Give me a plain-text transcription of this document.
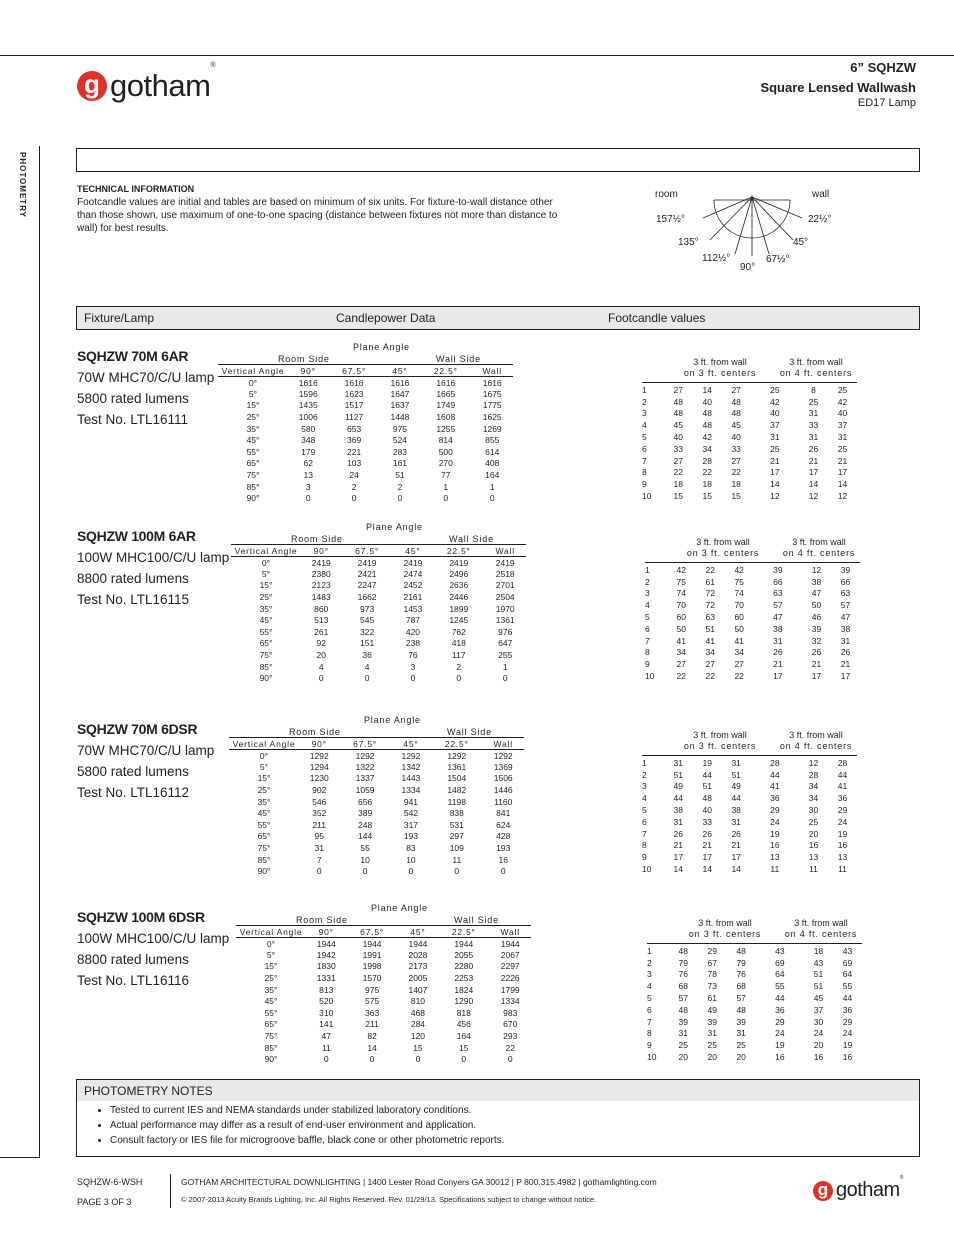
g gotham®	6” SQHZW
Square Lensed Wallwash
ED17 Lamp
PHOTOMETRY	TECHNICAL INFORMATION
Footcandle values are initial and tables are based on minimum of six units. For fixture-to-wall distance other than those shown, use maximum of one-to-one spacing (distance between fixtures not more than distance to wall) for best results.
room	wall
157½°
135°
112½°
90°
67½°
45°
22½°
Fixture/Lamp	Candlepower Data	Footcandle values
SQHZW 70M 6AR
70W MHC70/C/U lamp
5800 rated lumens
Test No. LTL16111
Plane Angle
Room Side	Wall Side
Vertical Angle	90°	67.5°	45°	22.5°	Wall
0°	1616	1616	1616	1616	1616
5°	1596	1623	1647	1665	1675
15°	1435	1517	1637	1749	1775
25°	1006	1127	1448	1608	1625
35°	580	653	975	1255	1269
45°	348	369	524	814	855
55°	179	221	283	500	614
65°	62	103	161	270	408
75°	13	24	51	77	164
85°	3	2	2	1	1
90°	0	0	0	0	0
3 ft. from wall
on 3 ft. centers
3 ft. from wall
on 4 ft. centers
1	27	14	27	25	8	25
2	48	40	48	42	25	42
3	48	48	48	40	31	40
4	45	48	45	37	33	37
5	40	42	40	31	31	31
6	33	34	33	25	26	25
7	27	28	27	21	21	21
8	22	22	22	17	17	17
9	18	18	18	14	14	14
10	15	15	15	12	12	12
SQHZW 100M 6AR
100W MHC100/C/U lamp
8800 rated lumens
Test No. LTL16115
Plane Angle
Room Side	Wall Side
Vertical Angle	90°	67.5°	45°	22.5°	Wall
0°	2419	2419	2419	2419	2419
5°	2380	2421	2474	2496	2518
15°	2123	2247	2452	2636	2701
25°	1483	1662	2161	2446	2504
35°	860	973	1453	1899	1970
45°	513	545	787	1245	1361
55°	261	322	420	762	976
65°	92	151	238	418	647
75°	20	36	76	117	255
85°	4	4	3	2	1
90°	0	0	0	0	0
3 ft. from wall
on 3 ft. centers
3 ft. from wall
on 4 ft. centers
1	42	22	42	39	12	39
2	75	61	75	66	38	66
3	74	72	74	63	47	63
4	70	72	70	57	50	57
5	60	63	60	47	46	47
6	50	51	50	38	39	38
7	41	41	41	31	32	31
8	34	34	34	26	26	26
9	27	27	27	21	21	21
10	22	22	22	17	17	17
SQHZW 70M 6DSR
70W MHC70/C/U lamp
5800 rated lumens
Test No. LTL16112
Plane Angle
Room Side	Wall Side
Vertical Angle	90°	67.5°	45°	22.5°	Wall
0°	1292	1292	1292	1292	1292
5°	1294	1322	1342	1361	1369
15°	1230	1337	1443	1504	1506
25°	902	1059	1334	1482	1446
35°	546	656	941	1198	1160
45°	352	389	542	838	841
55°	211	248	317	531	624
65°	95	144	193	297	428
75°	31	55	83	109	193
85°	7	10	10	11	16
90°	0	0	0	0	0
3 ft. from wall
on 3 ft. centers
3 ft. from wall
on 4 ft. centers
1	31	19	31	28	12	28
2	51	44	51	44	28	44
3	49	51	49	41	34	41
4	44	48	44	36	34	36
5	38	40	38	29	30	29
6	31	33	31	24	25	24
7	26	26	26	19	20	19
8	21	21	21	16	16	16
9	17	17	17	13	13	13
10	14	14	14	11	11	11
SQHZW 100M 6DSR
100W MHC100/C/U lamp
8800 rated lumens
Test No. LTL16116
Plane Angle
Room Side	Wall Side
Vertical Angle	90°	67.5°	45°	22.5°	Wall
0°	1944	1944	1944	1944	1944
5°	1942	1991	2028	2055	2067
15°	1830	1998	2173	2280	2297
25°	1331	1570	2005	2253	2226
35°	813	975	1407	1824	1799
45°	520	575	810	1290	1334
55°	310	363	468	818	983
65°	141	211	284	456	670
75°	47	82	120	164	293
85°	11	14	15	15	22
90°	0	0	0	0	0
3 ft. from wall
on 3 ft. centers
3 ft. from wall
on 4 ft. centers
1	48	29	48	43	18	43
2	79	67	79	69	43	69
3	76	78	76	64	51	64
4	68	73	68	55	51	55
5	57	61	57	44	45	44
6	48	49	48	36	37	36
7	39	39	39	29	30	29
8	31	31	31	24	24	24
9	25	25	25	19	20	19
10	20	20	20	16	16	16
PHOTOMETRY NOTES
• Tested to current IES and NEMA standards under stabilized laboratory conditions.
• Actual performance may differ as a result of end-user environment and application.
• Consult factory or IES file for microgroove baffle, black cone or other photometric reports.
SQHZW-6-WSH
PAGE 3 OF 3
GOTHAM ARCHITECTURAL DOWNLIGHTING | 1400 Lester Road Conyers GA 30012 | P 800.315.4982 | gothamlighting.com
© 2007-2013 Acuity Brands Lighting, Inc. All Rights Reserved. Rev. 01/29/13. Specifications subject to change without notice.
g gotham®
